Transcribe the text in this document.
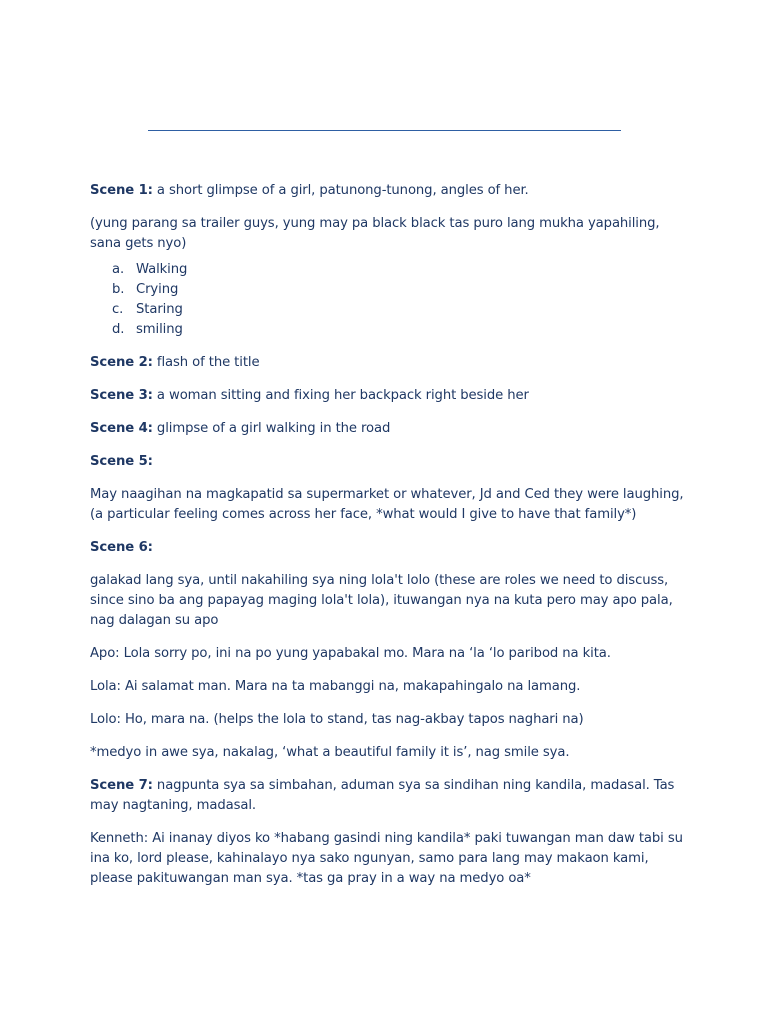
Scene 1: a short glimpse of a girl, patunong-tunong, angles of her.

(yung parang sa trailer guys, yung may pa black black tas puro lang mukha yapahiling, sana gets nyo)

a. Walking
b. Crying
c. Staring
d. smiling

Scene 2: flash of the title

Scene 3: a woman sitting and fixing her backpack right beside her

Scene 4: glimpse of a girl walking in the road

Scene 5:

May naagihan na magkapatid sa supermarket or whatever, Jd and Ced they were laughing, (a particular feeling comes across her face, *what would I give to have that family*)

Scene 6:

galakad lang sya, until nakahiling sya ning lola't lolo (these are roles we need to discuss, since sino ba ang papayag maging lola't lola), ituwangan nya na kuta pero may apo pala, nag dalagan su apo

Apo: Lola sorry po, ini na po yung yapabakal mo. Mara na ‘la ‘lo paribod na kita.

Lola: Ai salamat man. Mara na ta mabanggi na, makapahingalo na lamang.

Lolo: Ho, mara na. (helps the lola to stand, tas nag-akbay tapos naghari na)

*medyo in awe sya, nakalag, ‘what a beautiful family it is’, nag smile sya.

Scene 7: nagpunta sya sa simbahan, aduman sya sa sindihan ning kandila, madasal. Tas may nagtaning, madasal.

Kenneth: Ai inanay diyos ko *habang gasindi ning kandila* paki tuwangan man daw tabi su ina ko, lord please, kahinalayo nya sako ngunyan, samo para lang may makaon kami, please pakituwangan man sya. *tas ga pray in a way na medyo oa*
